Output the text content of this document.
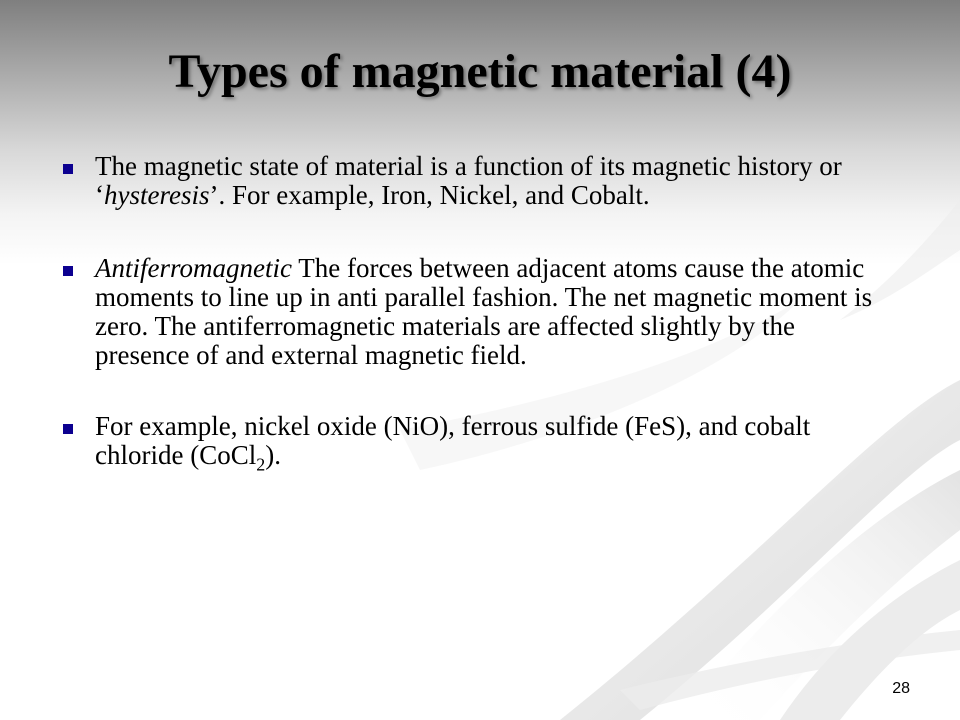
Types of magnetic material (4)
The magnetic state of material is a function of its magnetic history or ‘hysteresis’. For example, Iron, Nickel, and Cobalt.
Antiferromagnetic The forces between adjacent atoms cause the atomic moments to line up in anti parallel fashion. The net magnetic moment is zero. The antiferromagnetic materials are affected slightly by the presence of and external magnetic field.
For example, nickel oxide (NiO), ferrous sulfide (FeS), and cobalt chloride (CoCl$_2$).
28
